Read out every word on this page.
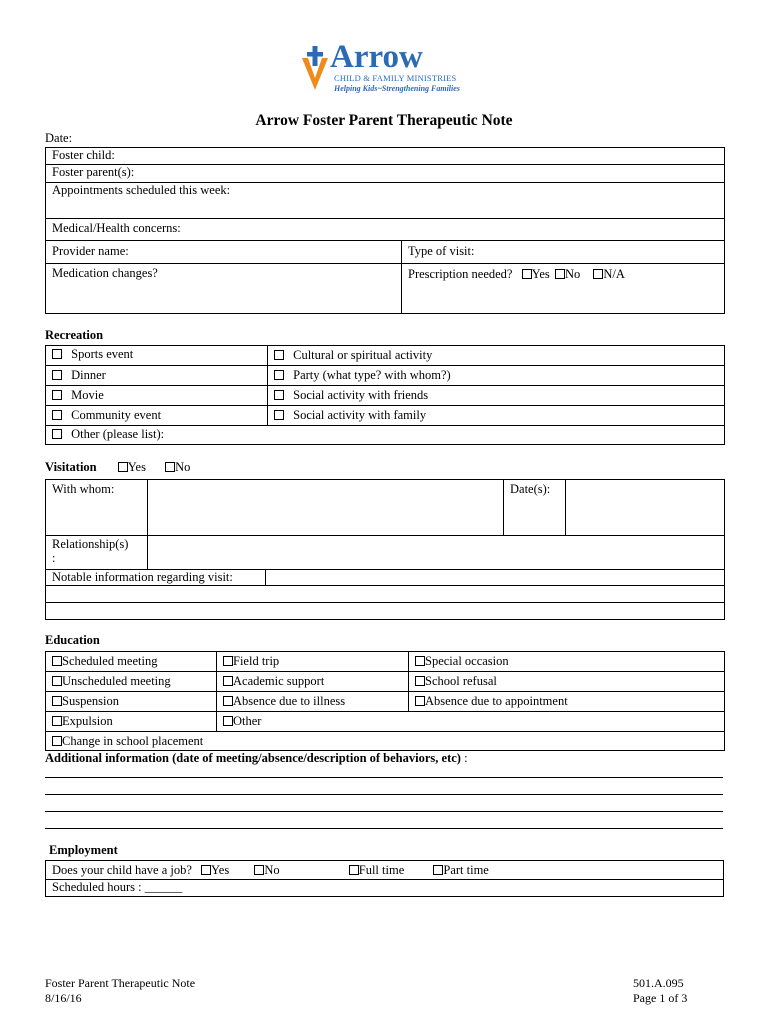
Arrow
CHILD & FAMILY MINISTRIES
Helping Kids~Strengthening Families
Arrow Foster Parent Therapeutic Note
Date:
Foster child:	
Foster parent(s):	
Appointments scheduled this week:	
Medical/Health concerns:	
Provider name:	Type of visit:
Medication changes?	Prescription needed? Yes No N/A
Recreation
Sports event	Cultural or spiritual activity
Dinner	Party (what type? with whom?)
Movie	Social activity with friends
Community event	Social activity with family
Other (please list):	
Visitation Yes No
With whom:			Date(s):	
Relationship(s)
:				
Notable information regarding visit:				

Education
Scheduled meeting	Field trip	Special occasion
Unscheduled meeting	Academic support	School refusal
Suspension	Absence due to illness	Absence due to appointment
Expulsion	Other	
Change in school placement		
Additional information (date of meeting/absence/description of behaviors, etc) :
Employment
Does your child have a job? Yes	No	Full time	Part time
Scheduled hours : ______
Foster Parent Therapeutic Note
8/16/16
501.A.095
Page 1 of 3
